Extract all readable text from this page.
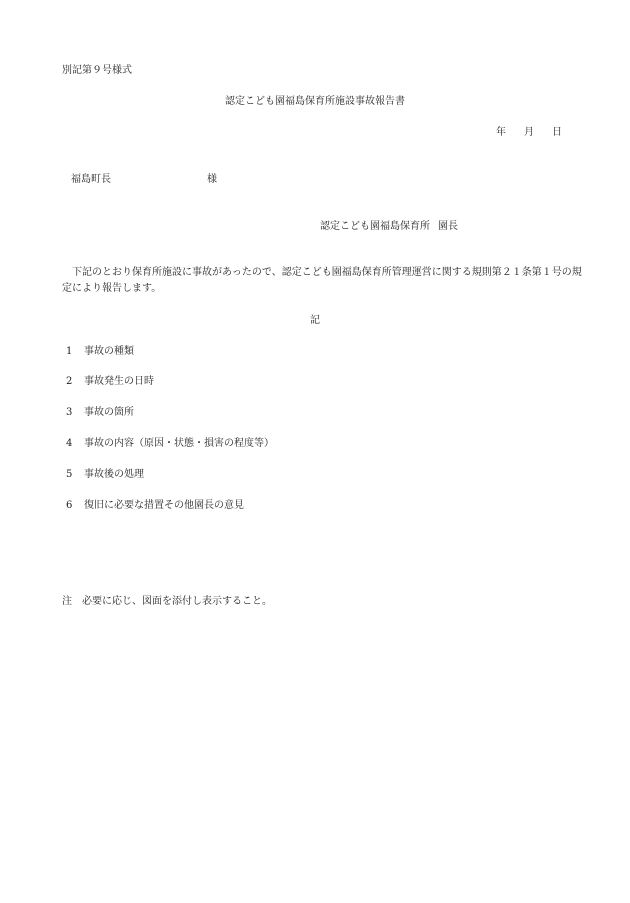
別記第９号様式

認定こども園福島保育所施設事故報告書

年 月 日

福島町長	様

認定こども園福島保育所 園長

下記のとおり保育所施設に事故があったので、認定こども園福島保育所管理運営に関する規則第２１条第１号の規

定により報告します。

記

1 事故の種類

2 事故発生の日時

3 事故の箇所

4 事故の内容（原因・状態・損害の程度等）

5 事故後の処理

6 復旧に必要な措置その他園長の意見

注 必要に応じ、図面を添付し表示すること。
